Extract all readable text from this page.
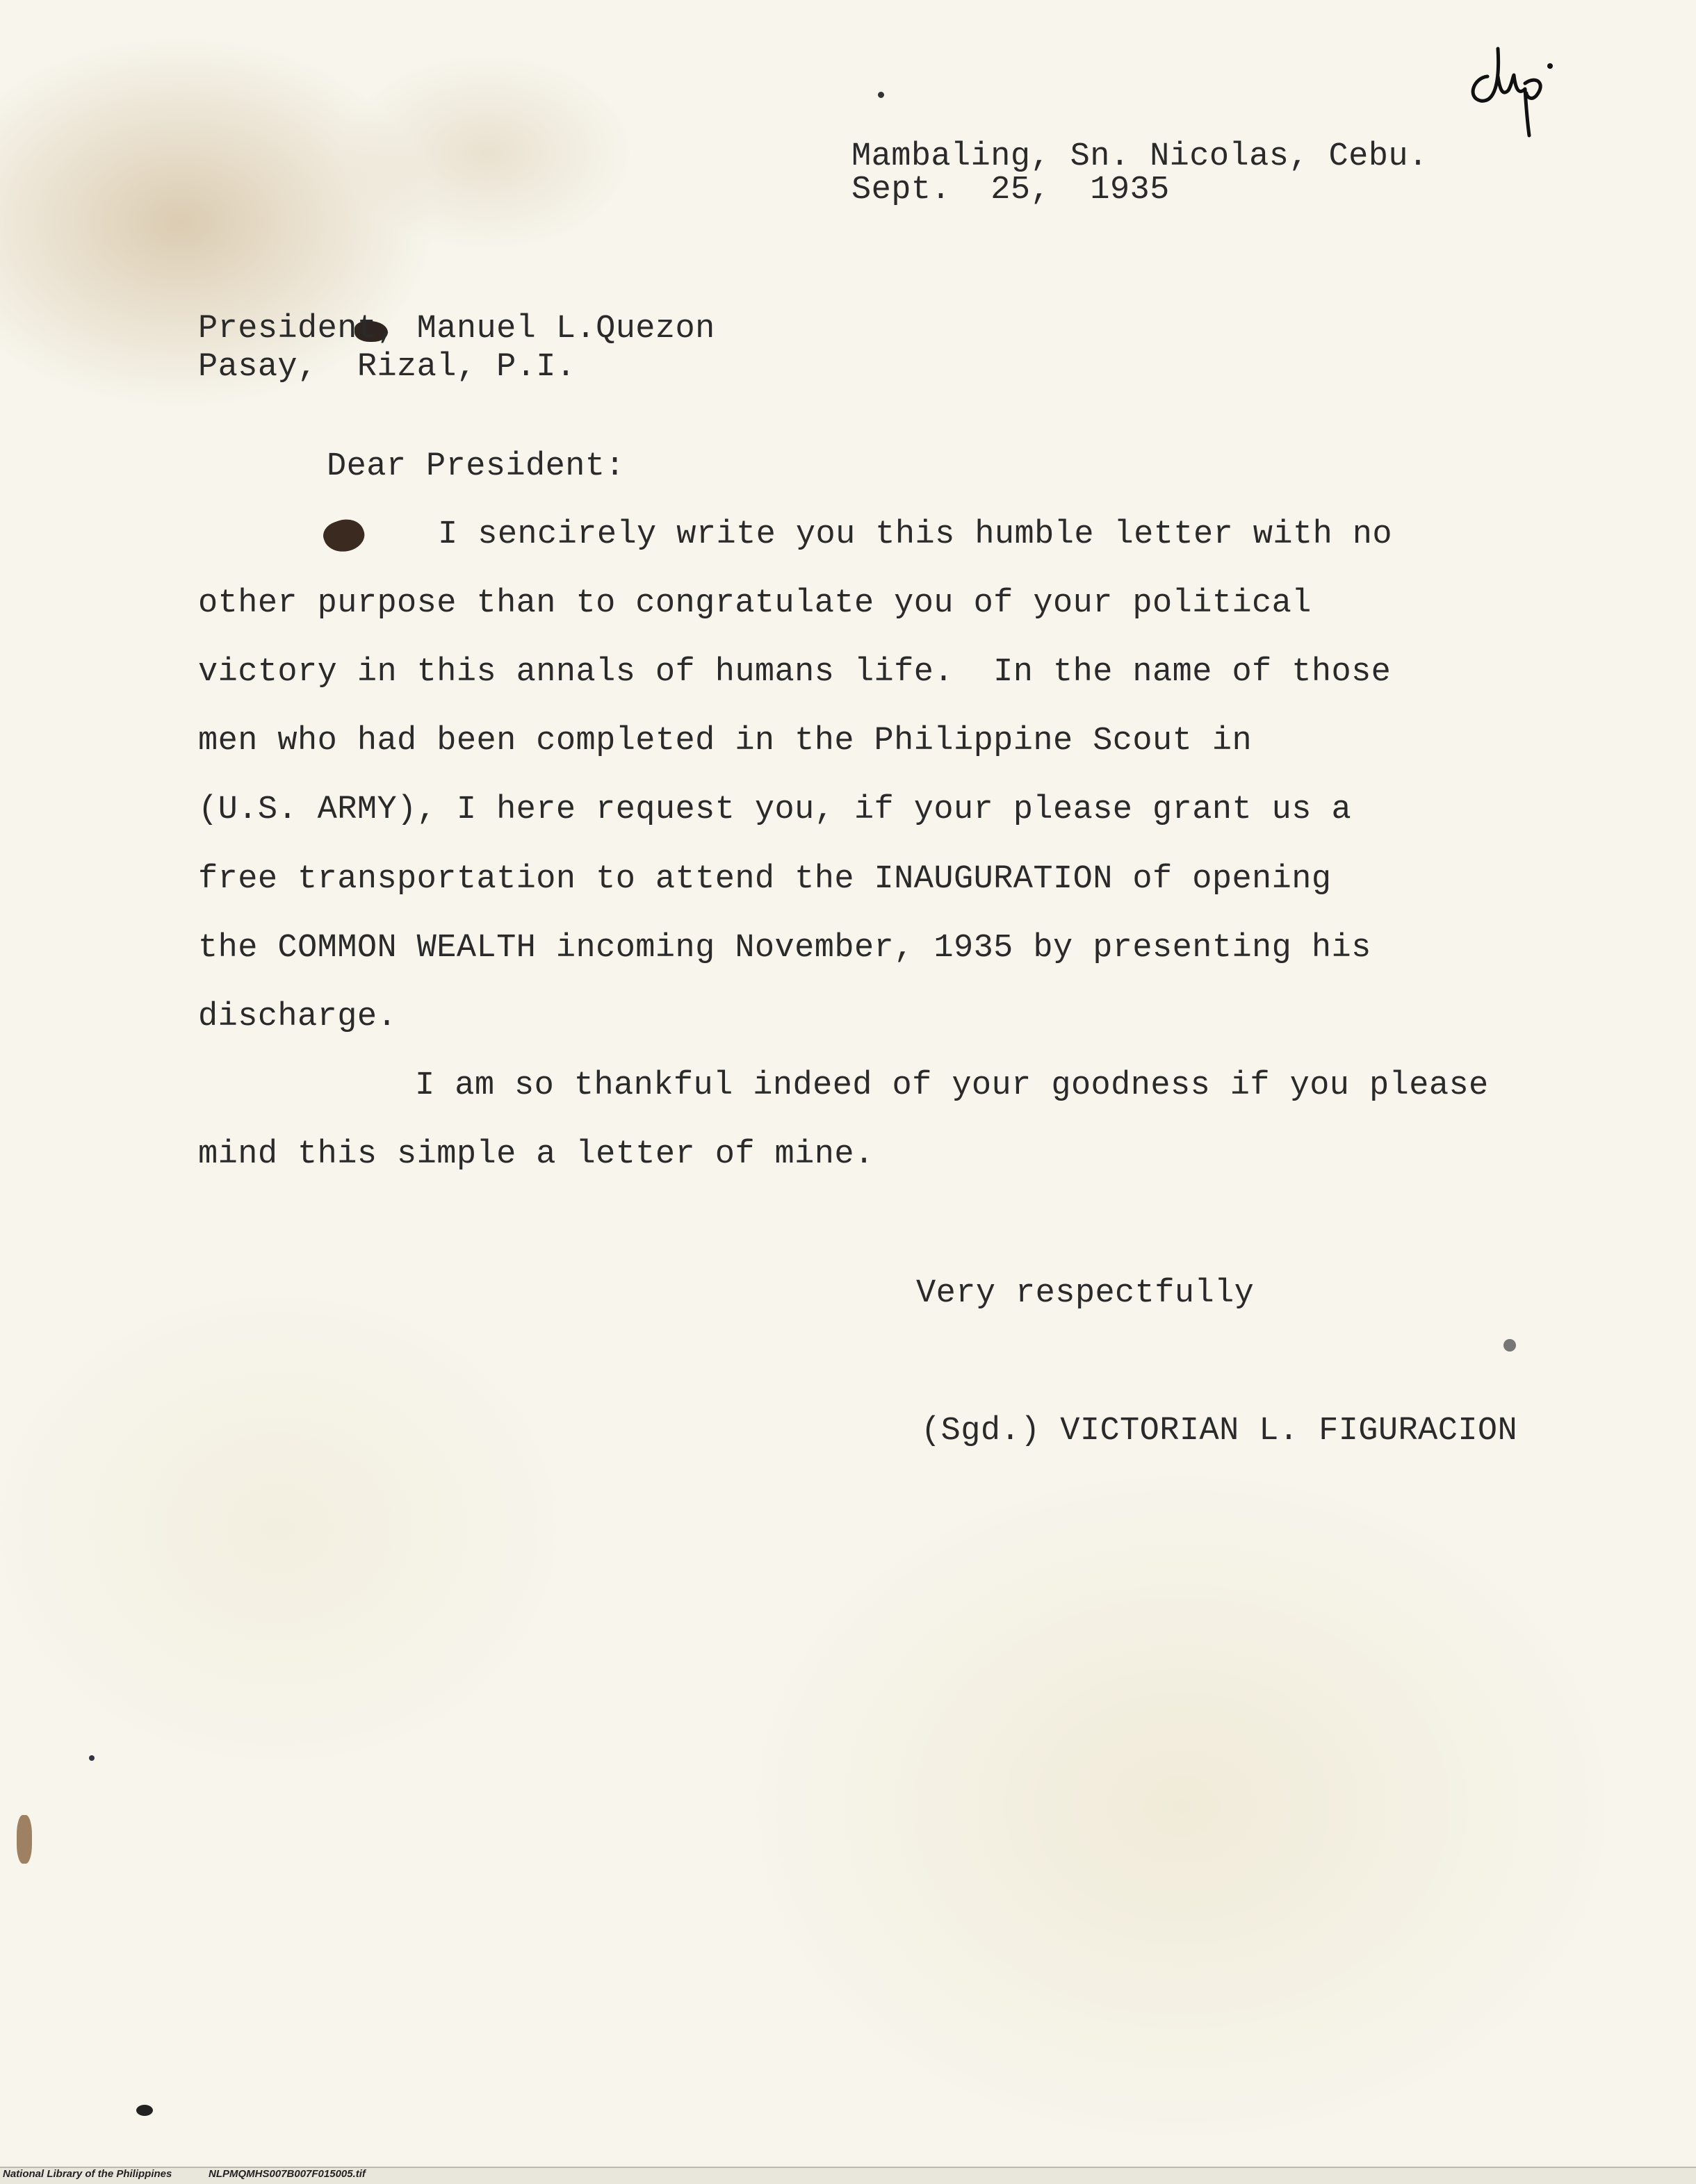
Mambaling, Sn. Nicolas, Cebu.
Sept.  25,  1935
President, Manuel L.Quezon
Pasay,  Rizal, P.I.
Dear President:
I sencirely write you this humble letter with no
other purpose than to congratulate you of your political
victory in this annals of humans life.  In the name of those
men who had been completed in the Philippine Scout in
(U.S. ARMY), I here request you, if your please grant us a
free transportation to attend the INAUGURATION of opening
the COMMON WEALTH incoming November, 1935 by presenting his
discharge.
I am so thankful indeed of your goodness if you please
mind this simple a letter of mine.
Very respectfully
(Sgd.) VICTORIAN L. FIGURACION
National Library of the Philippines	NLPMQMHS007B007F015005.tif
